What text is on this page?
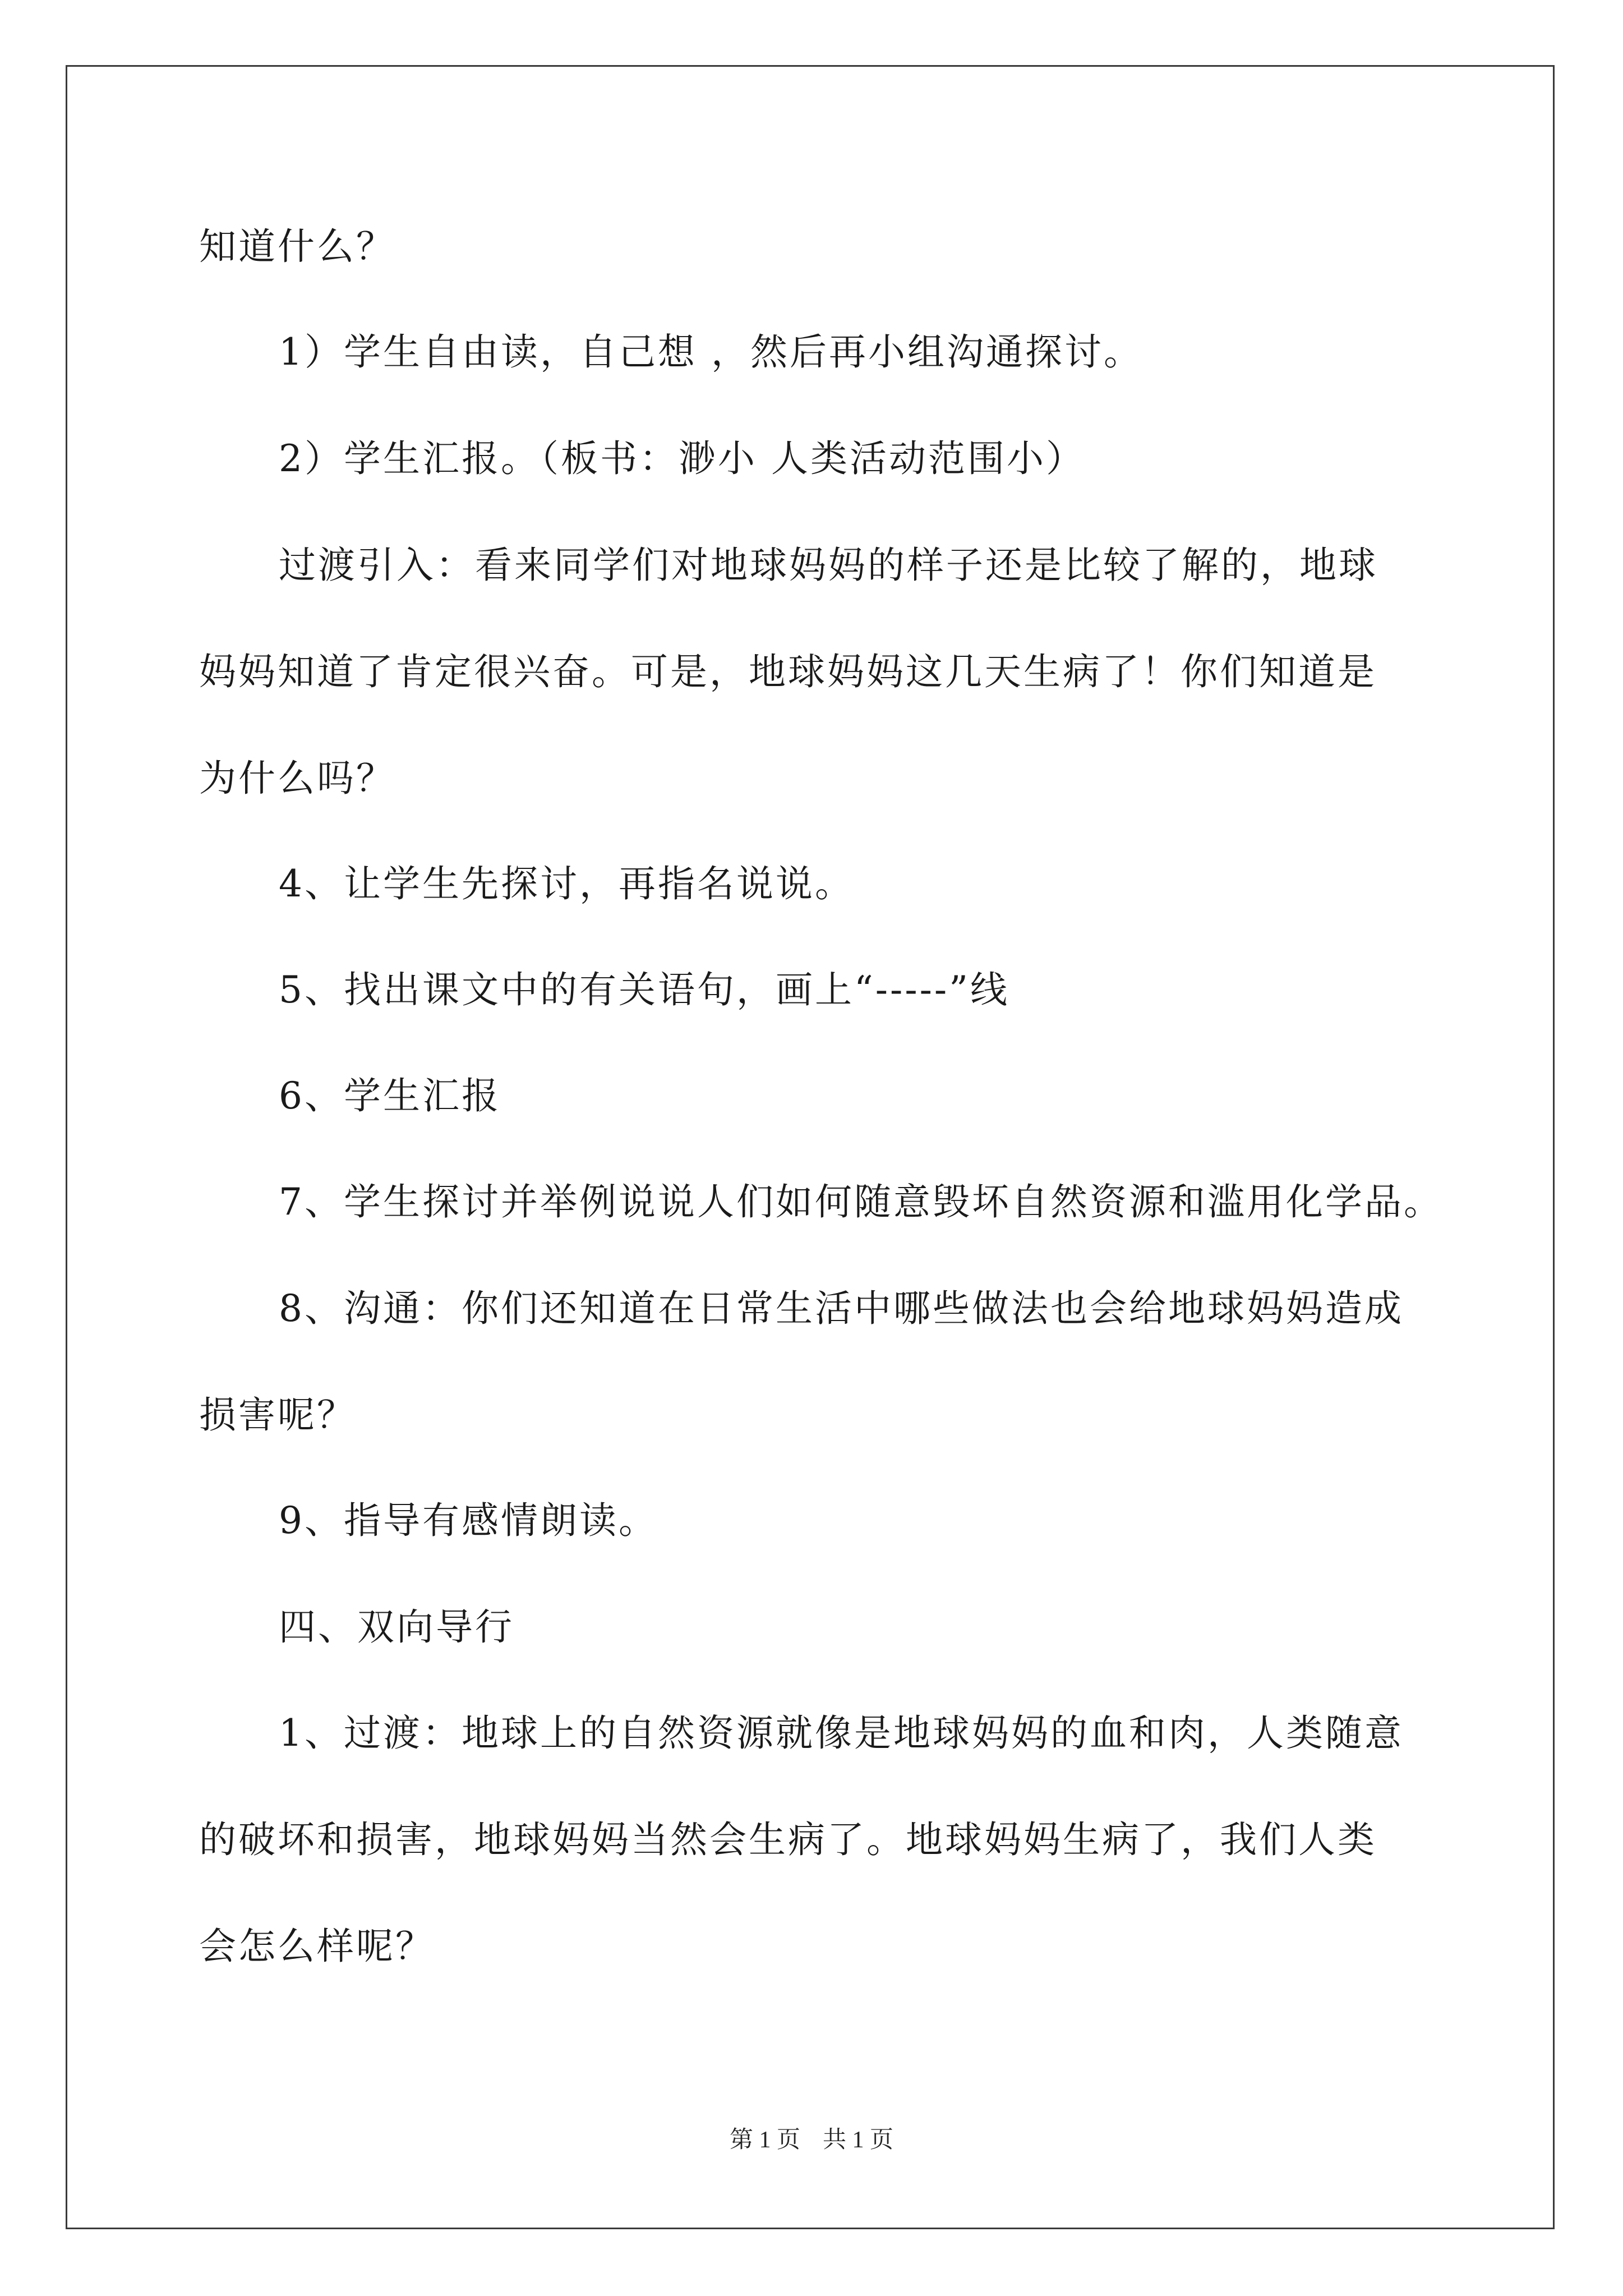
知道什么？
1）学生自由读，自己想 ，然后再小组沟通探讨。
2）学生汇报。（板书：渺小 人类活动范围小）
过渡引入：看来同学们对地球妈妈的样子还是比较了解的，地球
妈妈知道了肯定很兴奋。可是，地球妈妈这几天生病了！你们知道是
为什么吗？
4、让学生先探讨，再指名说说。
5、找出课文中的有关语句，画上“-----”线
6、学生汇报
7、学生探讨并举例说说人们如何随意毁坏自然资源和滥用化学品。
8、沟通：你们还知道在日常生活中哪些做法也会给地球妈妈造成
损害呢？
9、指导有感情朗读。
四、双向导行
1、过渡：地球上的自然资源就像是地球妈妈的血和肉，人类随意
的破坏和损害，地球妈妈当然会生病了。地球妈妈生病了，我们人类
会怎么样呢？
第 1 页 共 1 页
